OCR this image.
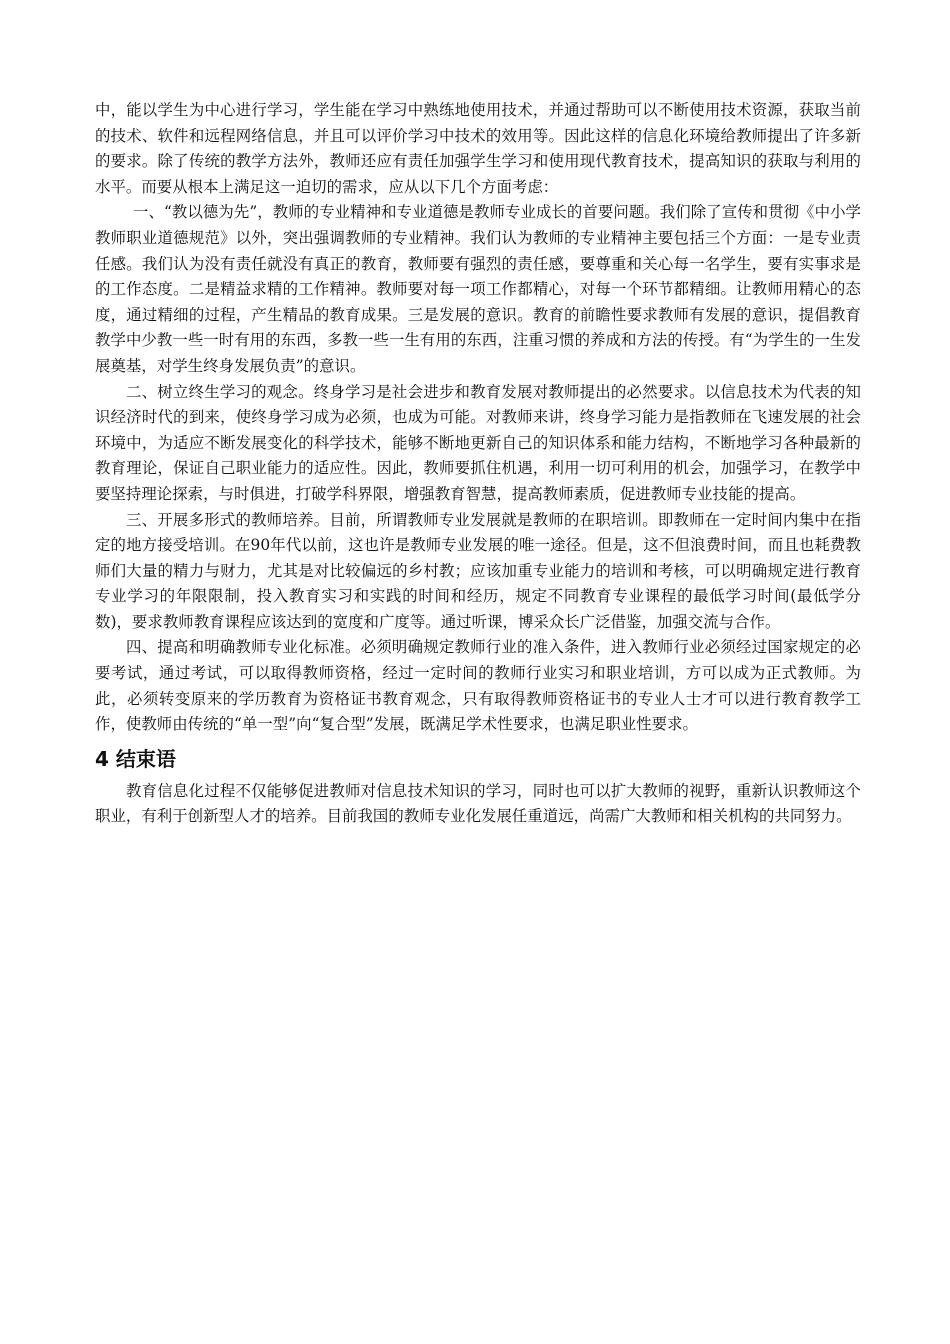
中，能以学生为中心进行学习，学生能在学习中熟练地使用技术，并通过帮助可以不断使用技术资源，获取当前的技术、软件和远程网络信息，并且可以评价学习中技术的效用等。因此这样的信息化环境给教师提出了许多新的要求。除了传统的教学方法外，教师还应有责任加强学生学习和使用现代教育技术，提高知识的获取与利用的水平。而要从根本上满足这一迫切的需求，应从以下几个方面考虑：

一、“教以德为先”，教师的专业精神和专业道德是教师专业成长的首要问题。我们除了宣传和贯彻《中小学教师职业道德规范》以外，突出强调教师的专业精神。我们认为教师的专业精神主要包括三个方面：一是专业责任感。我们认为没有责任就没有真正的教育，教师要有强烈的责任感，要尊重和关心每一名学生，要有实事求是的工作态度。二是精益求精的工作精神。教师要对每一项工作都精心，对每一个环节都精细。让教师用精心的态度，通过精细的过程，产生精品的教育成果。三是发展的意识。教育的前瞻性要求教师有发展的意识，提倡教育教学中少教一些一时有用的东西，多教一些一生有用的东西，注重习惯的养成和方法的传授。有“为学生的一生发展奠基，对学生终身发展负责”的意识。

二、树立终生学习的观念。终身学习是社会进步和教育发展对教师提出的必然要求。以信息技术为代表的知识经济时代的到来，使终身学习成为必须，也成为可能。对教师来讲，终身学习能力是指教师在飞速发展的社会环境中，为适应不断发展变化的科学技术，能够不断地更新自己的知识体系和能力结构，不断地学习各种最新的教育理论，保证自己职业能力的适应性。因此，教师要抓住机遇，利用一切可利用的机会，加强学习，在教学中要坚持理论探索，与时俱进，打破学科界限，增强教育智慧，提高教师素质，促进教师专业技能的提高。

三、开展多形式的教师培养。目前，所谓教师专业发展就是教师的在职培训。即教师在一定时间内集中在指定的地方接受培训。在90年代以前，这也许是教师专业发展的唯一途径。但是，这不但浪费时间，而且也耗费教师们大量的精力与财力，尤其是对比较偏远的乡村教；应该加重专业能力的培训和考核，可以明确规定进行教育专业学习的年限限制，投入教育实习和实践的时间和经历，规定不同教育专业课程的最低学习时间(最低学分数)，要求教师教育课程应该达到的宽度和广度等。通过听课，博采众长广泛借鉴，加强交流与合作。

四、提高和明确教师专业化标准。必须明确规定教师行业的准入条件，进入教师行业必须经过国家规定的必要考试，通过考试，可以取得教师资格，经过一定时间的教师行业实习和职业培训，方可以成为正式教师。为此，必须转变原来的学历教育为资格证书教育观念，只有取得教师资格证书的专业人士才可以进行教育教学工作，使教师由传统的“单一型”向“复合型”发展，既满足学术性要求，也满足职业性要求。

4 结束语

教育信息化过程不仅能够促进教师对信息技术知识的学习，同时也可以扩大教师的视野，重新认识教师这个职业，有利于创新型人才的培养。目前我国的教师专业化发展任重道远，尚需广大教师和相关机构的共同努力。
